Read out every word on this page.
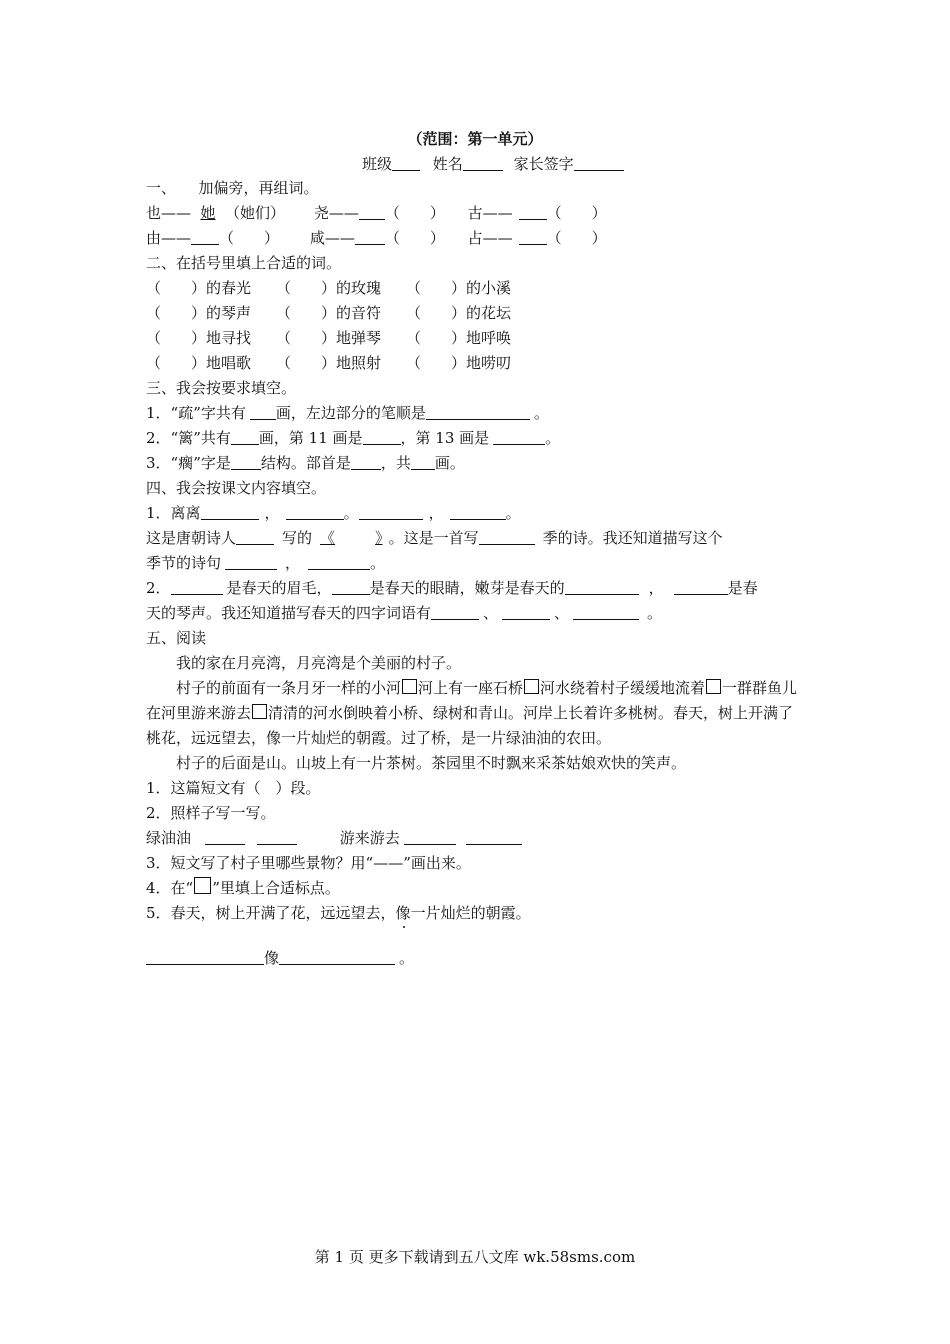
（范围：第一单元）
班级	姓名	家长签字
一、　　加偏旁，再组词。
也—— 她 （她们） 尧—— （　　） 古—— （　　）
由—— （　　） 咸—— （　　） 占—— （　　）
二、在括号里填上合适的词。
（　　）的春光 （　　）的玫瑰 （　　）的小溪
（　　）的琴声 （　　）的音符 （　　）的花坛
（　　）地寻找 （　　）地弹琴 （　　）地呼唤
（　　）地唱歌 （　　）地照射 （　　）地唠叨
三、我会按要求填空。
1．“疏”字共有 画，左边部分的笔顺是	。
2．“篱”共有 画，第 11 画是	，第 13 画是	。
3．“瘸”字是 结构。部首是 ，共 画。
四、我会按课文内容填空。
1．离离	，	。	，	。
这是唐朝诗人	写的 《	》 。这是一首写	季的诗。我还知道描写这个
季节的诗句	，	。
2．	是春天的眉毛，	是春天的眼睛，嫩芽是春天的	，	是春
天的琴声。我还知道描写春天的四字词语有	、	、	。
五、阅读
我的家在月亮湾，月亮湾是个美丽的村子。
村子的前面有一条月牙一样的小河 河上有一座石桥 河水绕着村子缓缓地流着 一群群鱼儿在河里游来游去 清清的河水倒映着小桥、绿树和青山。河岸上长着许多桃树。春天，树上开满了桃花，远远望去，像一片灿烂的朝霞。过了桥，是一片绿油油的农田。
村子的后面是山。山坡上有一片茶树。茶园里不时飘来采茶姑娘欢快的笑声。
1．这篇短文有（　）段。
2．照样子写一写。
绿油油	游来游去
3．短文写了村子里哪些景物？用“——”画出来。
4．在“ ”里填上合适标点。
5．春天，树上开满了花，远远望去，像一片灿烂的朝霞。
像	。
第 1 页 更多下载请到五八文库 wk.58sms.com
